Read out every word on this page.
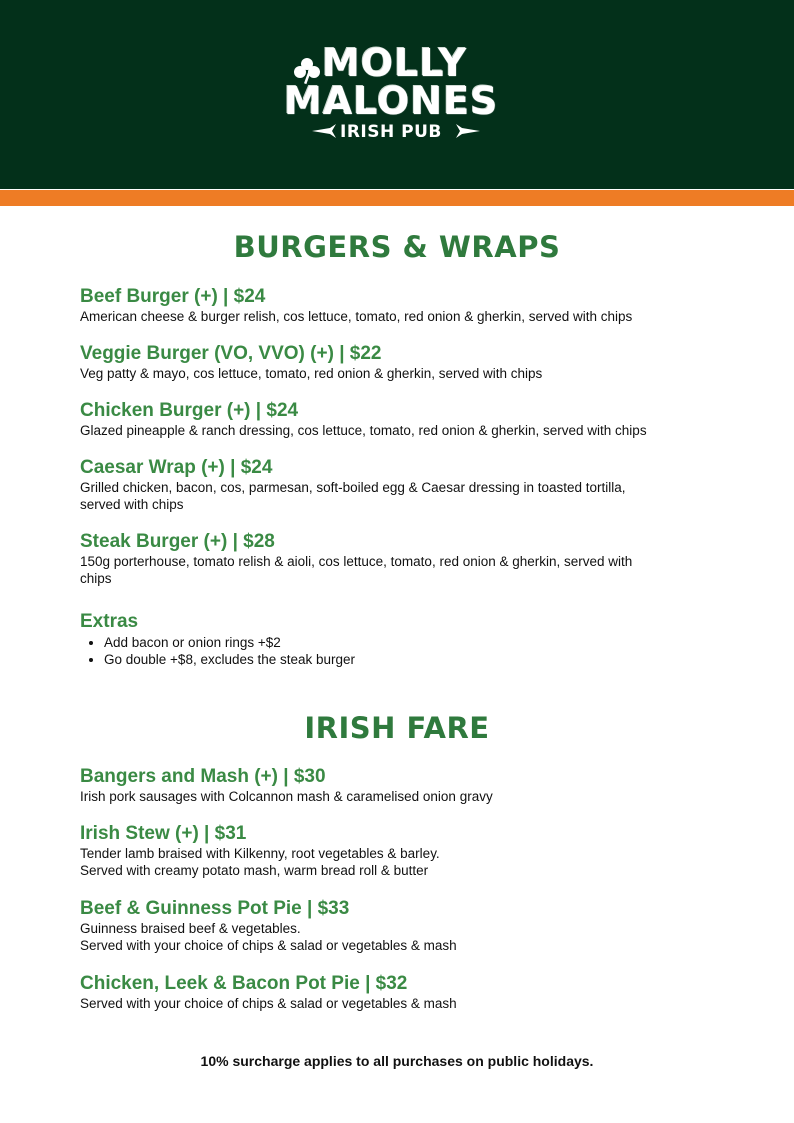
MOLLY
MALONES
IRISH PUB
BURGERS & WRAPS
Beef Burger (+) | $24
American cheese & burger relish, cos lettuce, tomato, red onion & gherkin, served with chips
Veggie Burger (VO, VVO) (+) | $22
Veg patty & mayo, cos lettuce, tomato, red onion & gherkin, served with chips
Chicken Burger (+) | $24
Glazed pineapple & ranch dressing, cos lettuce, tomato, red onion & gherkin, served with chips
Caesar Wrap (+) | $24
Grilled chicken, bacon, cos, parmesan, soft-boiled egg & Caesar dressing in toasted tortilla,
served with chips
Steak Burger (+) | $28
150g porterhouse, tomato relish & aioli, cos lettuce, tomato, red onion & gherkin, served with
chips
Extras
• Add bacon or onion rings +$2
• Go double +$8, excludes the steak burger
IRISH FARE
Bangers and Mash (+) | $30
Irish pork sausages with Colcannon mash & caramelised onion gravy
Irish Stew (+) | $31
Tender lamb braised with Kilkenny, root vegetables & barley.
Served with creamy potato mash, warm bread roll & butter
Beef & Guinness Pot Pie | $33
Guinness braised beef & vegetables.
Served with your choice of chips & salad or vegetables & mash
Chicken, Leek & Bacon Pot Pie | $32
Served with your choice of chips & salad or vegetables & mash
10% surcharge applies to all purchases on public holidays.
